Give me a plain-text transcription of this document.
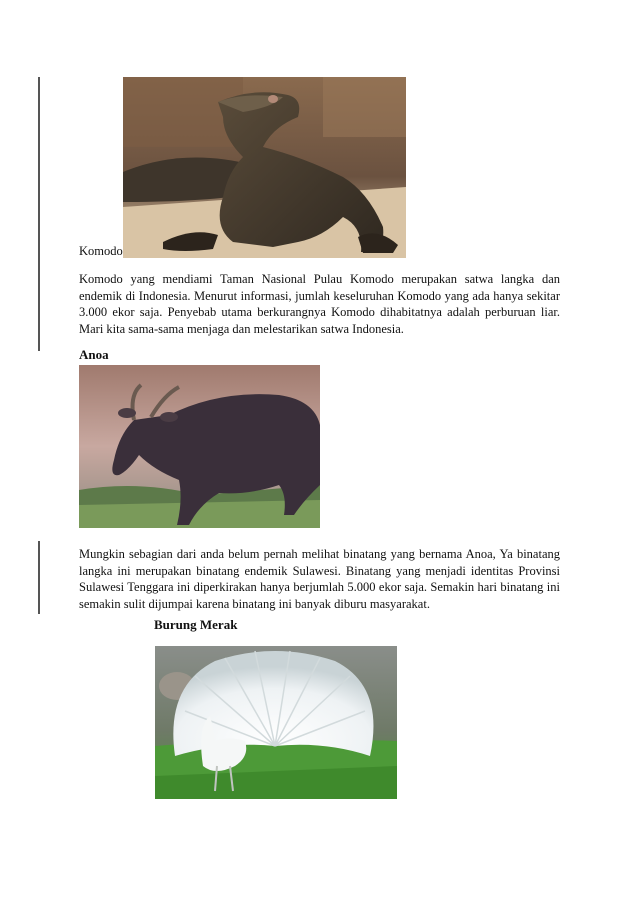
Komodo

Komodo yang mendiami Taman Nasional Pulau Komodo merupakan satwa langka dan endemik di Indonesia. Menurut informasi, jumlah keseluruhan Komodo yang ada hanya sekitar 3.000 ekor saja. Penyebab utama berkurangnya Komodo dihabitatnya adalah perburuan liar. Mari kita sama-sama menjaga dan melestarikan satwa Indonesia.

Anoa

Mungkin sebagian dari anda belum pernah melihat binatang yang bernama Anoa, Ya binatang langka ini merupakan binatang endemik Sulawesi. Binatang yang menjadi identitas Provinsi Sulawesi Tenggara ini diperkirakan hanya berjumlah 5.000 ekor saja. Semakin hari binatang ini semakin sulit dijumpai karena binatang ini banyak diburu masyarakat.

Burung Merak
